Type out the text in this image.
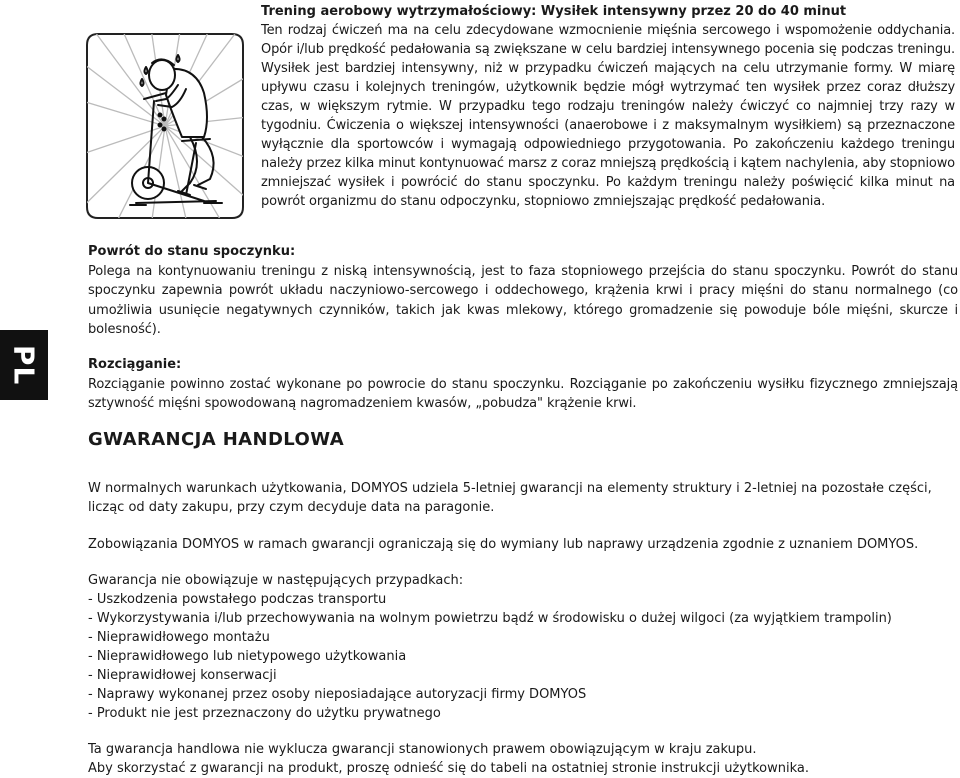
PL

Trening aerobowy wytrzymałościowy: Wysiłek intensywny przez 20 do 40 minut

Ten rodzaj ćwiczeń ma na celu zdecydowane wzmocnienie mięśnia sercowego i wspomożenie oddychania. Opór i/lub prędkość pedałowania są zwiększane w celu bardziej intensywnego pocenia się podczas treningu. Wysiłek jest bardziej intensywny, niż w przypadku ćwiczeń mających na celu utrzymanie formy. W miarę upływu czasu i kolejnych treningów, użytkownik będzie mógł wytrzymać ten wysiłek przez coraz dłuższy czas, w większym rytmie. W przypadku tego rodzaju treningów należy ćwiczyć co najmniej trzy razy w tygodniu. Ćwiczenia o większej intensywności (anaerobowe i z maksymalnym wysiłkiem) są przeznaczone wyłącznie dla sportowców i wymagają odpowiedniego przygotowania. Po zakończeniu każdego treningu należy przez kilka minut kontynuować marsz z coraz mniejszą prędkością i kątem nachylenia, aby stopniowo zmniejszać wysiłek i powrócić do stanu spoczynku. Po każdym treningu należy poświęcić kilka minut na powrót organizmu do stanu odpoczynku, stopniowo zmniejszając prędkość pedałowania.

Powrót do stanu spoczynku:

Polega na kontynuowaniu treningu z niską intensywnością, jest to faza stopniowego przejścia do stanu spoczynku. Powrót do stanu spoczynku zapewnia powrót układu naczyniowo-sercowego i oddechowego, krążenia krwi i pracy mięśni do stanu normalnego (co umożliwia usunięcie negatywnych czynników, takich jak kwas mlekowy, którego gromadzenie się powoduje bóle mięśni, skurcze i bolesność).

Rozciąganie:

Rozciąganie powinno zostać wykonane po powrocie do stanu spoczynku. Rozciąganie po zakończeniu wysiłku fizycznego zmniejszają sztywność mięśni spowodowaną nagromadzeniem kwasów, „pobudza" krążenie krwi.

GWARANCJA HANDLOWA

W normalnych warunkach użytkowania, DOMYOS udziela 5-letniej gwarancji na elementy struktury i 2-letniej na pozostałe części, licząc od daty zakupu, przy czym decyduje data na paragonie.

Zobowiązania DOMYOS w ramach gwarancji ograniczają się do wymiany lub naprawy urządzenia zgodnie z uznaniem DOMYOS.

Gwarancja nie obowiązuje w następujących przypadkach:

- Uszkodzenia powstałego podczas transportu
- Wykorzystywania i/lub przechowywania na wolnym powietrzu bądź w środowisku o dużej wilgoci (za wyjątkiem trampolin)
- Nieprawidłowego montażu
- Nieprawidłowego lub nietypowego użytkowania
- Nieprawidłowej konserwacji
- Naprawy wykonanej przez osoby nieposiadające autoryzacji firmy DOMYOS
- Produkt nie jest przeznaczony do użytku prywatnego

Ta gwarancja handlowa nie wyklucza gwarancji stanowionych prawem obowiązującym w kraju zakupu.

Aby skorzystać z gwarancji na produkt, proszę odnieść się do tabeli na ostatniej stronie instrukcji użytkownika.
